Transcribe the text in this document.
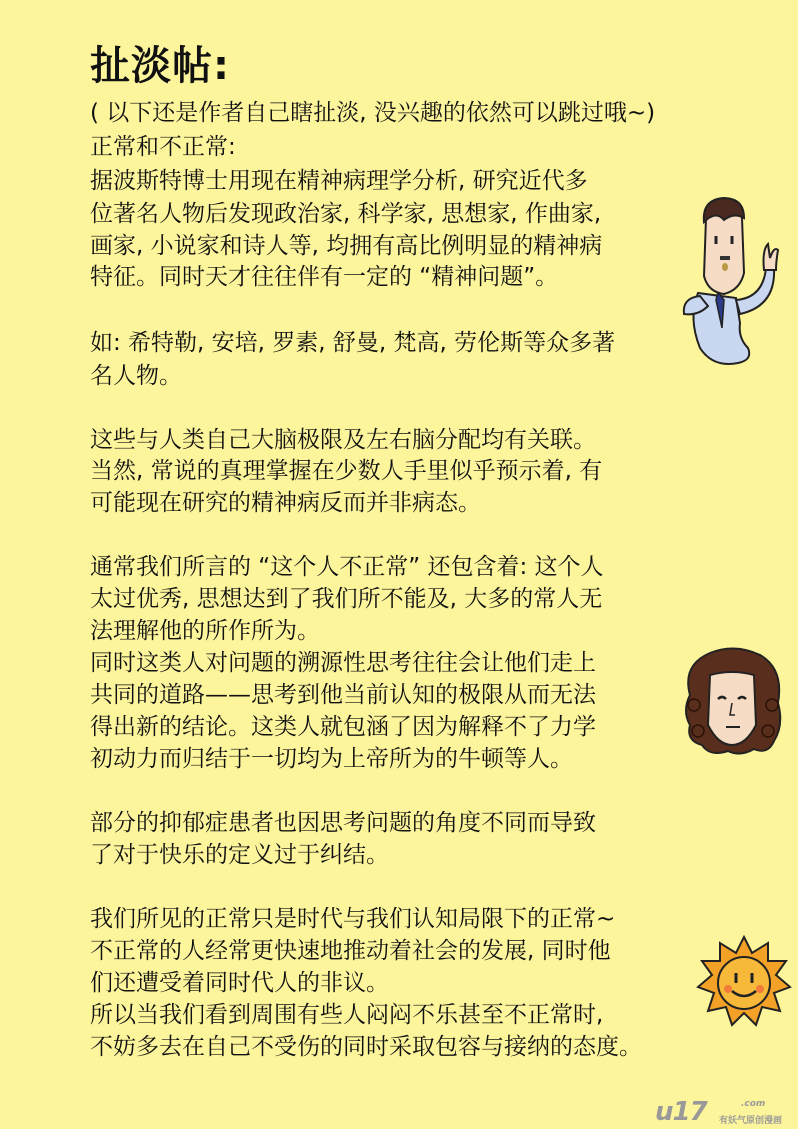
扯淡帖:
( 以下还是作者自己瞎扯淡, 没兴趣的依然可以跳过哦~)
正常和不正常:
据波斯特博士用现在精神病理学分析, 研究近代多
位著名人物后发现政治家, 科学家, 思想家, 作曲家,
画家, 小说家和诗人等, 均拥有高比例明显的精神病
特征。同时天才往往伴有一定的 “精神问题”。
如: 希特勒, 安培, 罗素, 舒曼, 梵高, 劳伦斯等众多著
名人物。
这些与人类自己大脑极限及左右脑分配均有关联。
当然, 常说的真理掌握在少数人手里似乎预示着, 有
可能现在研究的精神病反而并非病态。
通常我们所言的 “这个人不正常” 还包含着: 这个人
太过优秀, 思想达到了我们所不能及, 大多的常人无
法理解他的所作所为。
同时这类人对问题的溯源性思考往往会让他们走上
共同的道路——思考到他当前认知的极限从而无法
得出新的结论。这类人就包涵了因为解释不了力学
初动力而归结于一切均为上帝所为的牛顿等人。
部分的抑郁症患者也因思考问题的角度不同而导致
了对于快乐的定义过于纠结。
我们所见的正常只是时代与我们认知局限下的正常~
不正常的人经常更快速地推动着社会的发展, 同时他
们还遭受着同时代人的非议。
所以当我们看到周围有些人闷闷不乐甚至不正常时,
不妨多去在自己不受伤的同时采取包容与接纳的态度。
u17	.com
有妖气原创漫画
